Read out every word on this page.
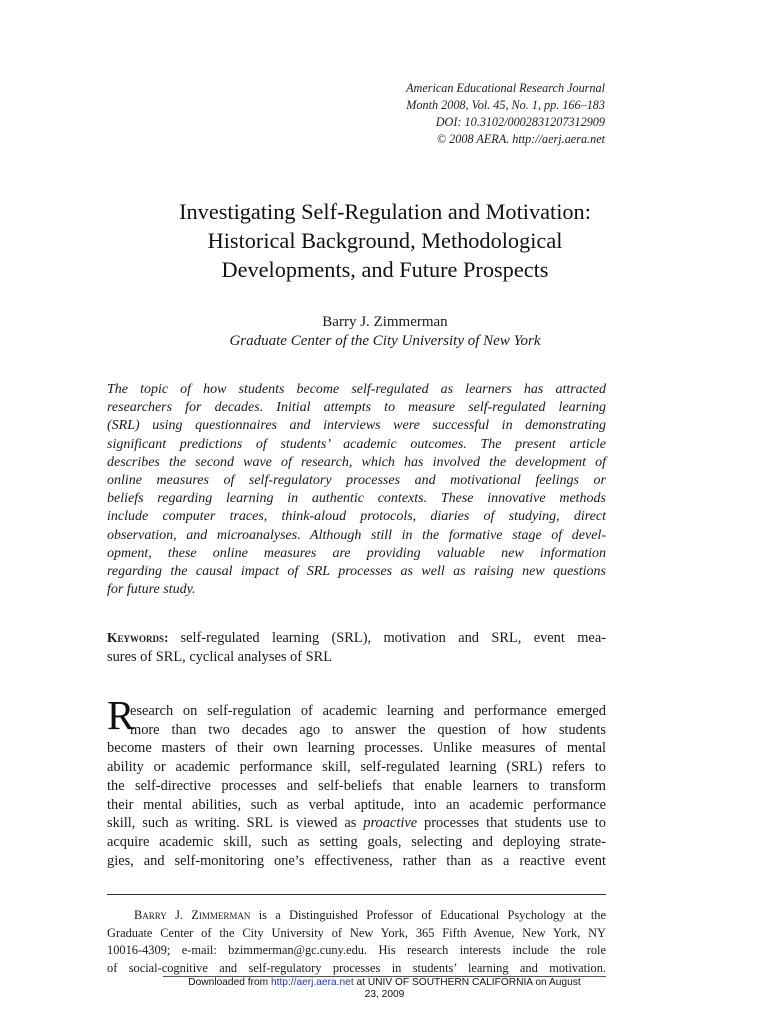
American Educational Research Journal
Month 2008, Vol. 45, No. 1, pp. 166–183
DOI: 10.3102/0002831207312909
© 2008 AERA. http://aerj.aera.net
Investigating Self-Regulation and Motivation:
Historical Background, Methodological
Developments, and Future Prospects
Barry J. Zimmerman
Graduate Center of the City University of New York
The topic of how students become self-regulated as learners has attracted
researchers for decades. Initial attempts to measure self-regulated learning
(SRL) using questionnaires and interviews were successful in demonstrating
significant predictions of students’ academic outcomes. The present article
describes the second wave of research, which has involved the development of
online measures of self-regulatory processes and motivational feelings or
beliefs regarding learning in authentic contexts. These innovative methods
include computer traces, think-aloud protocols, diaries of studying, direct
observation, and microanalyses. Although still in the formative stage of devel-
opment, these online measures are providing valuable new information
regarding the causal impact of SRL processes as well as raising new questions
for future study.
Keywords: self-regulated learning (SRL), motivation and SRL, event mea-
sures of SRL, cyclical analyses of SRL
R
esearch on self-regulation of academic learning and performance emerged
more than two decades ago to answer the question of how students
become masters of their own learning processes. Unlike measures of mental
ability or academic performance skill, self-regulated learning (SRL) refers to
the self-directive processes and self-beliefs that enable learners to transform
their mental abilities, such as verbal aptitude, into an academic performance
skill, such as writing. SRL is viewed as proactive processes that students use to
acquire academic skill, such as setting goals, selecting and deploying strate-
gies, and self-monitoring one’s effectiveness, rather than as a reactive event
Barry J. Zimmerman is a Distinguished Professor of Educational Psychology at the
Graduate Center of the City University of New York, 365 Fifth Avenue, New York, NY
10016-4309; e-mail: bzimmerman@gc.cuny.edu. His research interests include the role
of social-cognitive and self-regulatory processes in students’ learning and motivation.
Downloaded from http://aerj.aera.net at UNIV OF SOUTHERN CALIFORNIA on August
23, 2009
